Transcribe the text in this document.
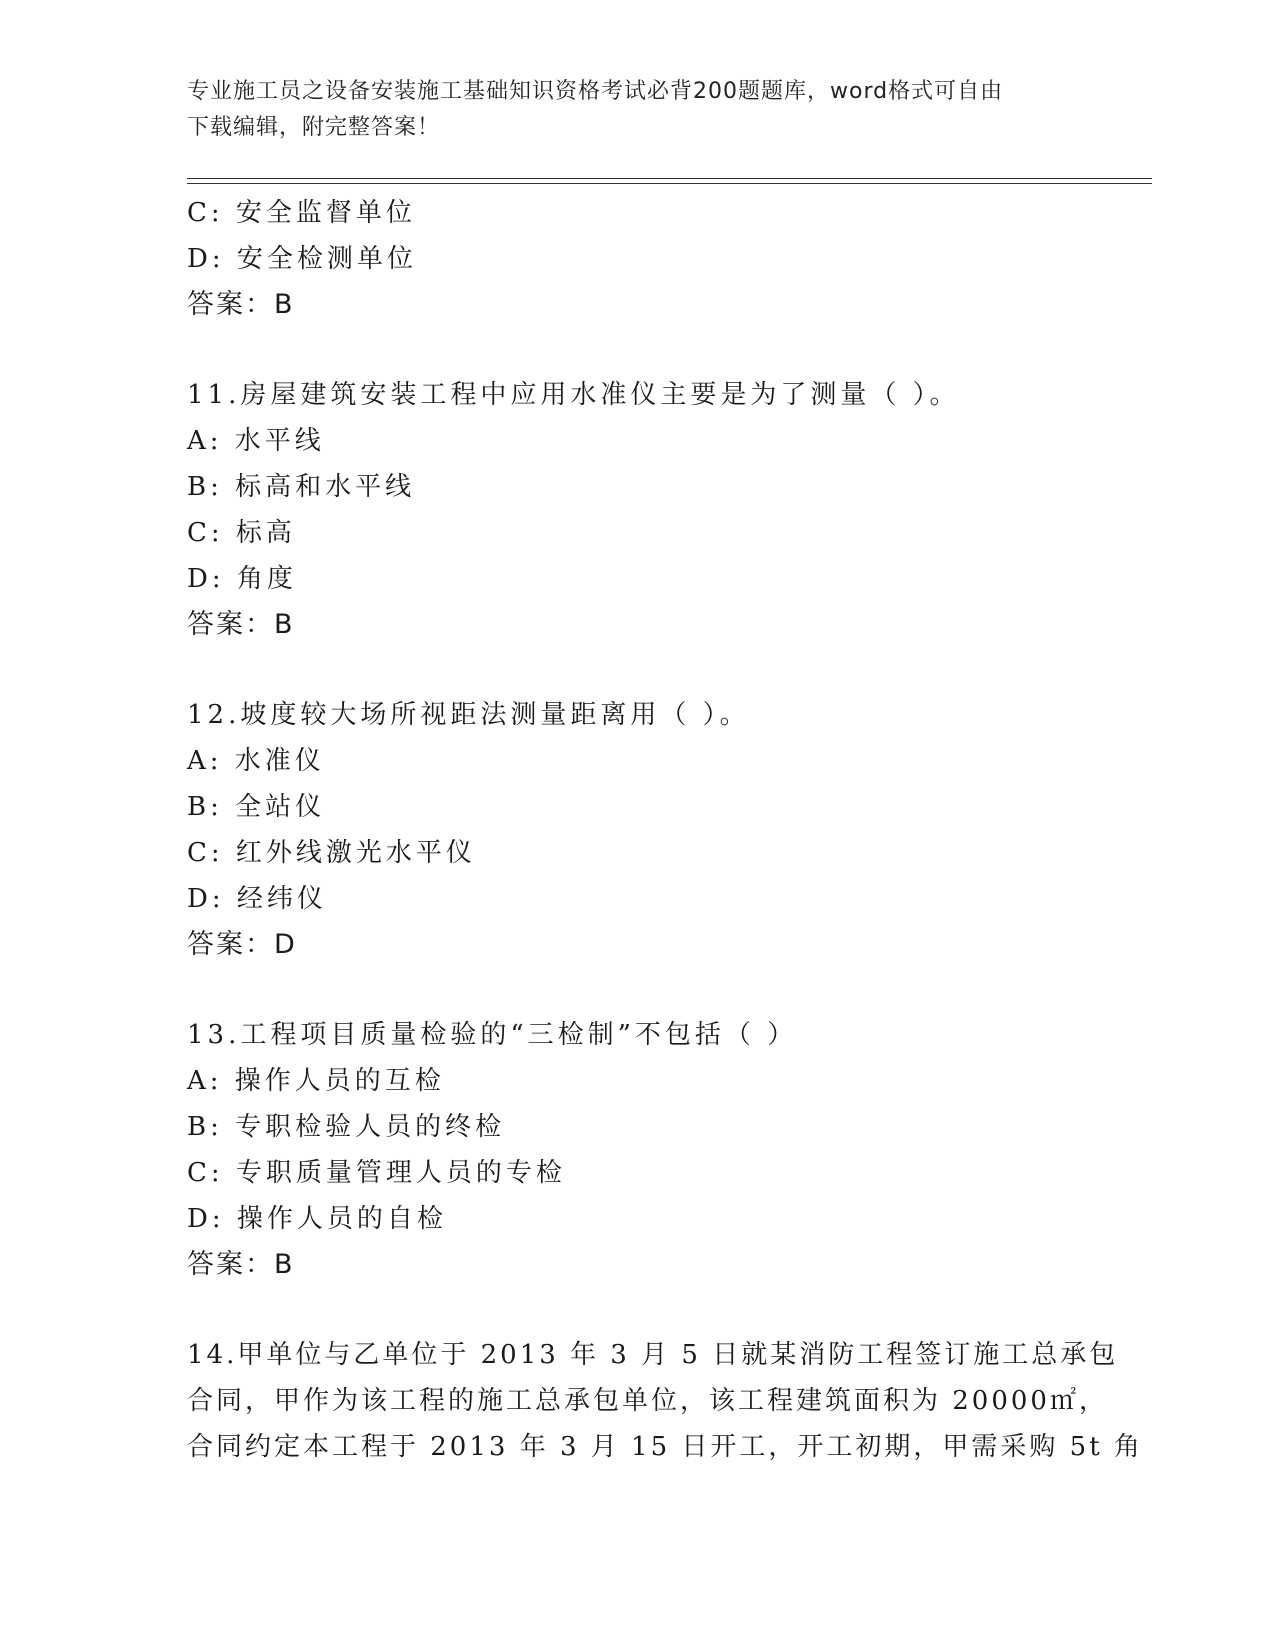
专业施工员之设备安装施工基础知识资格考试必背200题题库，word格式可自由
下载编辑，附完整答案！
C: 安全监督单位
D: 安全检测单位
答案：B
11.房屋建筑安装工程中应用水准仪主要是为了测量（ ）。
A: 水平线
B: 标高和水平线
C: 标高
D: 角度
答案：B
12.坡度较大场所视距法测量距离用（ ）。
A: 水准仪
B: 全站仪
C: 红外线激光水平仪
D: 经纬仪
答案：D
13.工程项目质量检验的“三检制”不包括（ ）
A: 操作人员的互检
B: 专职检验人员的终检
C: 专职质量管理人员的专检
D: 操作人员的自检
答案：B
14.甲单位与乙单位于 2013 年 3 月 5 日就某消防工程签订施工总承包
合同，甲作为该工程的施工总承包单位，该工程建筑面积为 20000㎡，
合同约定本工程于 2013 年 3 月 15 日开工，开工初期，甲需采购 5t 角
